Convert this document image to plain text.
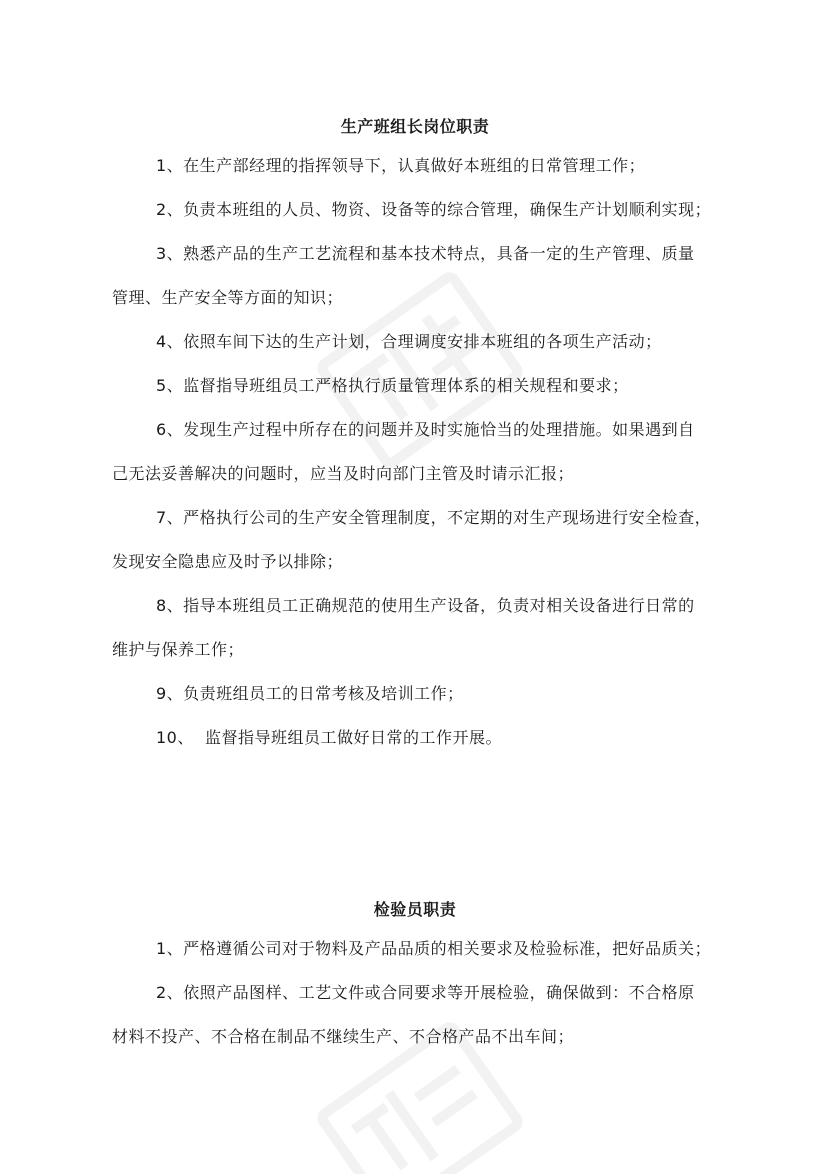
生产班组长岗位职责
1、在生产部经理的指挥领导下，认真做好本班组的日常管理工作；
2、负责本班组的人员、物资、设备等的综合管理，确保生产计划顺利实现；
3、熟悉产品的生产工艺流程和基本技术特点，具备一定的生产管理、质量
管理、生产安全等方面的知识；
4、依照车间下达的生产计划，合理调度安排本班组的各项生产活动；
5、监督指导班组员工严格执行质量管理体系的相关规程和要求；
6、发现生产过程中所存在的问题并及时实施恰当的处理措施。如果遇到自
己无法妥善解决的问题时，应当及时向部门主管及时请示汇报；
7、严格执行公司的生产安全管理制度，不定期的对生产现场进行安全检查，
发现安全隐患应及时予以排除；
8、指导本班组员工正确规范的使用生产设备，负责对相关设备进行日常的
维护与保养工作；
9、负责班组员工的日常考核及培训工作；
10、  监督指导班组员工做好日常的工作开展。
检验员职责
1、严格遵循公司对于物料及产品品质的相关要求及检验标准，把好品质关；
2、依照产品图样、工艺文件或合同要求等开展检验，确保做到：不合格原
材料不投产、不合格在制品不继续生产、不合格产品不出车间；
